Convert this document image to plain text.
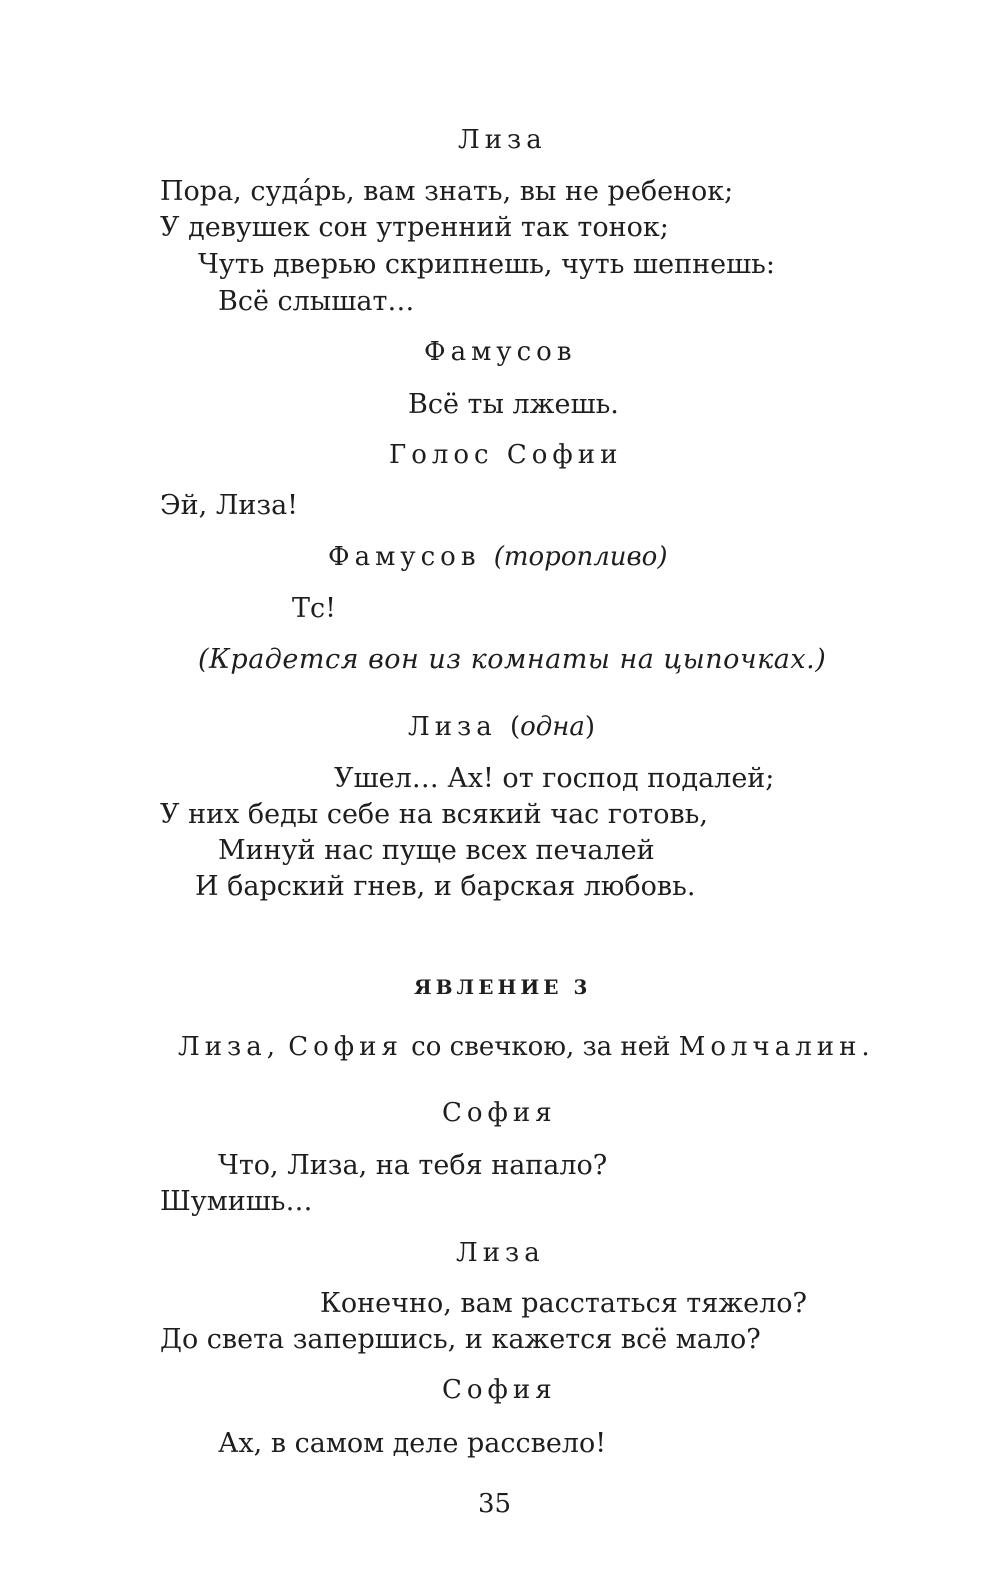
Лиза
Пора, суда́рь, вам знать, вы не ребенок;
У девушек сон утренний так тонок;
Чуть дверью скрипнешь, чуть шепнешь:
Всё слышат…
Фамусов
Всё ты лжешь.
Голос Софии
Эй, Лиза!
Фамусов (торопливо)
Тс!
(Крадется вон из комнаты на цыпочках.)
Лиза (одна)
Ушел… Ах! от господ подалей;
У них беды себе на всякий час готовь,
Минуй нас пуще всех печалей
И барский гнев, и барская любовь.
ЯВЛЕНИЕ 3
Лиза, София со свечкою, за ней Молчалин.
София
Что, Лиза, на тебя напало?
Шумишь…
Лиза
Конечно, вам расстаться тяжело?
До света запершись, и кажется всё мало?
София
Ах, в самом деле рассвело!
35
